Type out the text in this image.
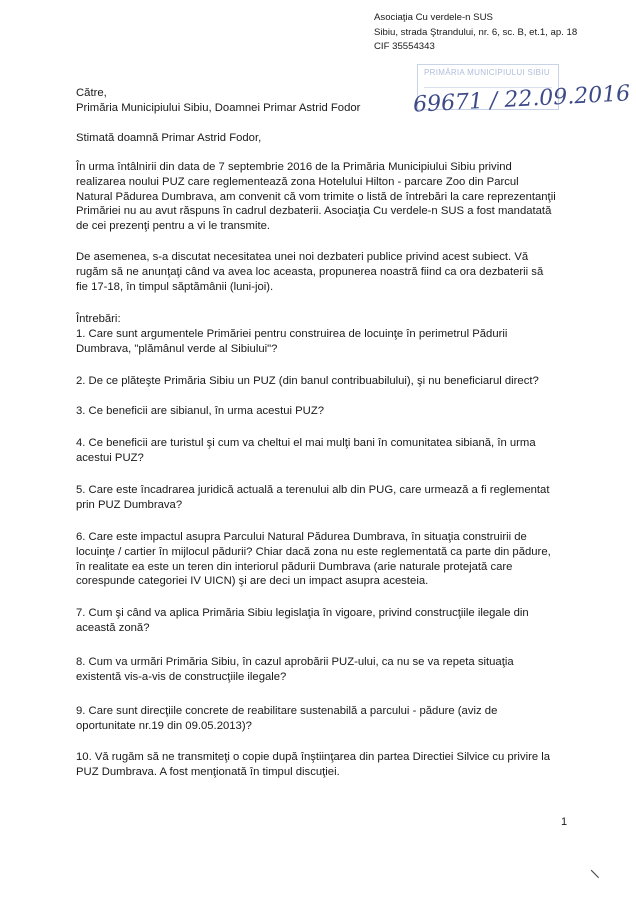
Asociaţia Cu verdele-n SUS
Sibiu, strada Ştrandului, nr. 6, sc. B, et.1, ap. 18
CIF 35554343
PRIMĂRIA MUNICIPIULUI SIBIU
69671 / 22.09.2016
Către,
Primăria Municipiului Sibiu, Doamnei Primar Astrid Fodor
Stimată doamnă Primar Astrid Fodor,
În urma întâlnirii din data de 7 septembrie 2016 de la Primăria Municipiului Sibiu privind realizarea noului PUZ care reglementează zona Hotelului Hilton - parcare Zoo din Parcul Natural Pădurea Dumbrava, am convenit că vom trimite o listă de întrebări la care reprezentanţii Primăriei nu au avut răspuns în cadrul dezbaterii. Asociaţia Cu verdele-n SUS a fost mandatată de cei prezenţi pentru a vi le transmite.
De asemenea, s-a discutat necesitatea unei noi dezbateri publice privind acest subiect. Vă rugăm să ne anunţaţi când va avea loc aceasta, propunerea noastră fiind ca ora dezbaterii să fie 17-18, în timpul săptămânii (luni-joi).
Întrebări:
1. Care sunt argumentele Primăriei pentru construirea de locuinţe în perimetrul Pădurii Dumbrava, "plămânul verde al Sibiului"?
2. De ce plăteşte Primăria Sibiu un PUZ (din banul contribuabilului), şi nu beneficiarul direct?
3. Ce beneficii are sibianul, în urma acestui PUZ?
4. Ce beneficii are turistul şi cum va cheltui el mai mulţi bani în comunitatea sibiană, în urma acestui PUZ?
5. Care este încadrarea juridică actuală a terenului alb din PUG, care urmează a fi reglementat prin PUZ Dumbrava?
6. Care este impactul asupra Parcului Natural Pădurea Dumbrava, în situaţia construirii de locuinţe / cartier în mijlocul pădurii? Chiar dacă zona nu este reglementată ca parte din pădure, în realitate ea este un teren din interiorul pădurii Dumbrava (arie naturale protejată care corespunde categoriei IV UICN) şi are deci un impact asupra acesteia.
7. Cum şi când va aplica Primăria Sibiu legislaţia în vigoare, privind construcţiile ilegale din această zonă?
8. Cum va urmări Primăria Sibiu, în cazul aprobării PUZ-ului, ca nu se va repeta situaţia existentă vis-a-vis de construcţiile ilegale?
9. Care sunt direcţiile concrete de reabilitare sustenabilă a parcului - pădure (aviz de oportunitate nr.19 din 09.05.2013)?
10. Vă rugăm să ne transmiteţi o copie după înştiinţarea din partea Directiei Silvice cu privire la PUZ Dumbrava. A fost menţionată în timpul discuţiei.
1
/
